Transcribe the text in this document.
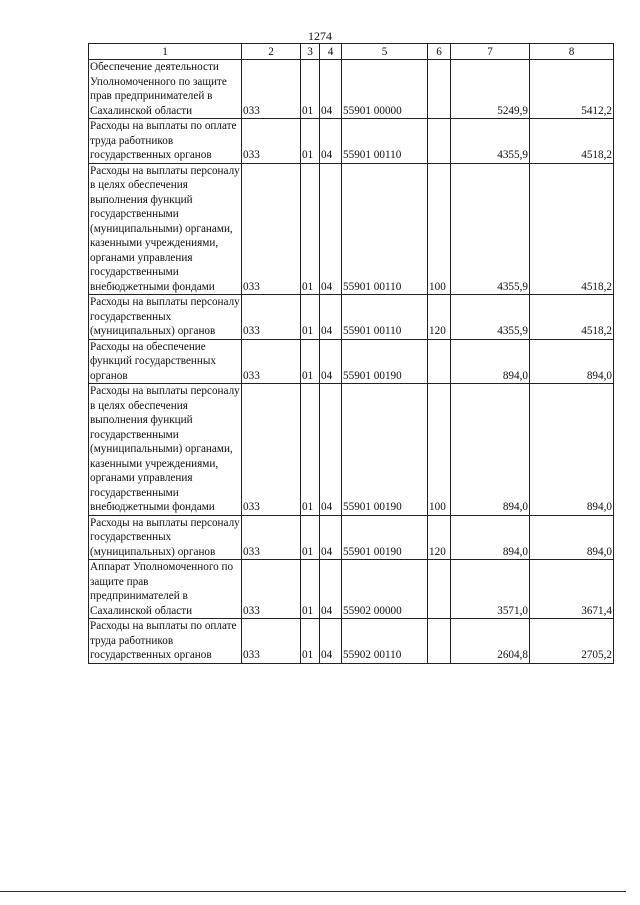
1274
1	2	3	4	5	6	7	8
Обеспечение деятельности Уполномоченного по защите прав предпринимателей в Сахалинской области	033	01	04	55901 00000		5249,9	5412,2
Расходы на выплаты по оплате труда работников государственных органов	033	01	04	55901 00110		4355,9	4518,2
Расходы на выплаты персоналу в целях обеспечения выполнения функций государственными (муниципальными) органами, казенными учреждениями, органами управления государственными внебюджетными фондами	033	01	04	55901 00110	100	4355,9	4518,2
Расходы на выплаты персоналу государственных (муниципальных) органов	033	01	04	55901 00110	120	4355,9	4518,2
Расходы на обеспечение функций государственных органов	033	01	04	55901 00190		894,0	894,0
Расходы на выплаты персоналу в целях обеспечения выполнения функций государственными (муниципальными) органами, казенными учреждениями, органами управления государственными внебюджетными фондами	033	01	04	55901 00190	100	894,0	894,0
Расходы на выплаты персоналу государственных (муниципальных) органов	033	01	04	55901 00190	120	894,0	894,0
Аппарат Уполномоченного по защите прав предпринимателей в Сахалинской области	033	01	04	55902 00000		3571,0	3671,4
Расходы на выплаты по оплате труда работников государственных органов	033	01	04	55902 00110		2604,8	2705,2
